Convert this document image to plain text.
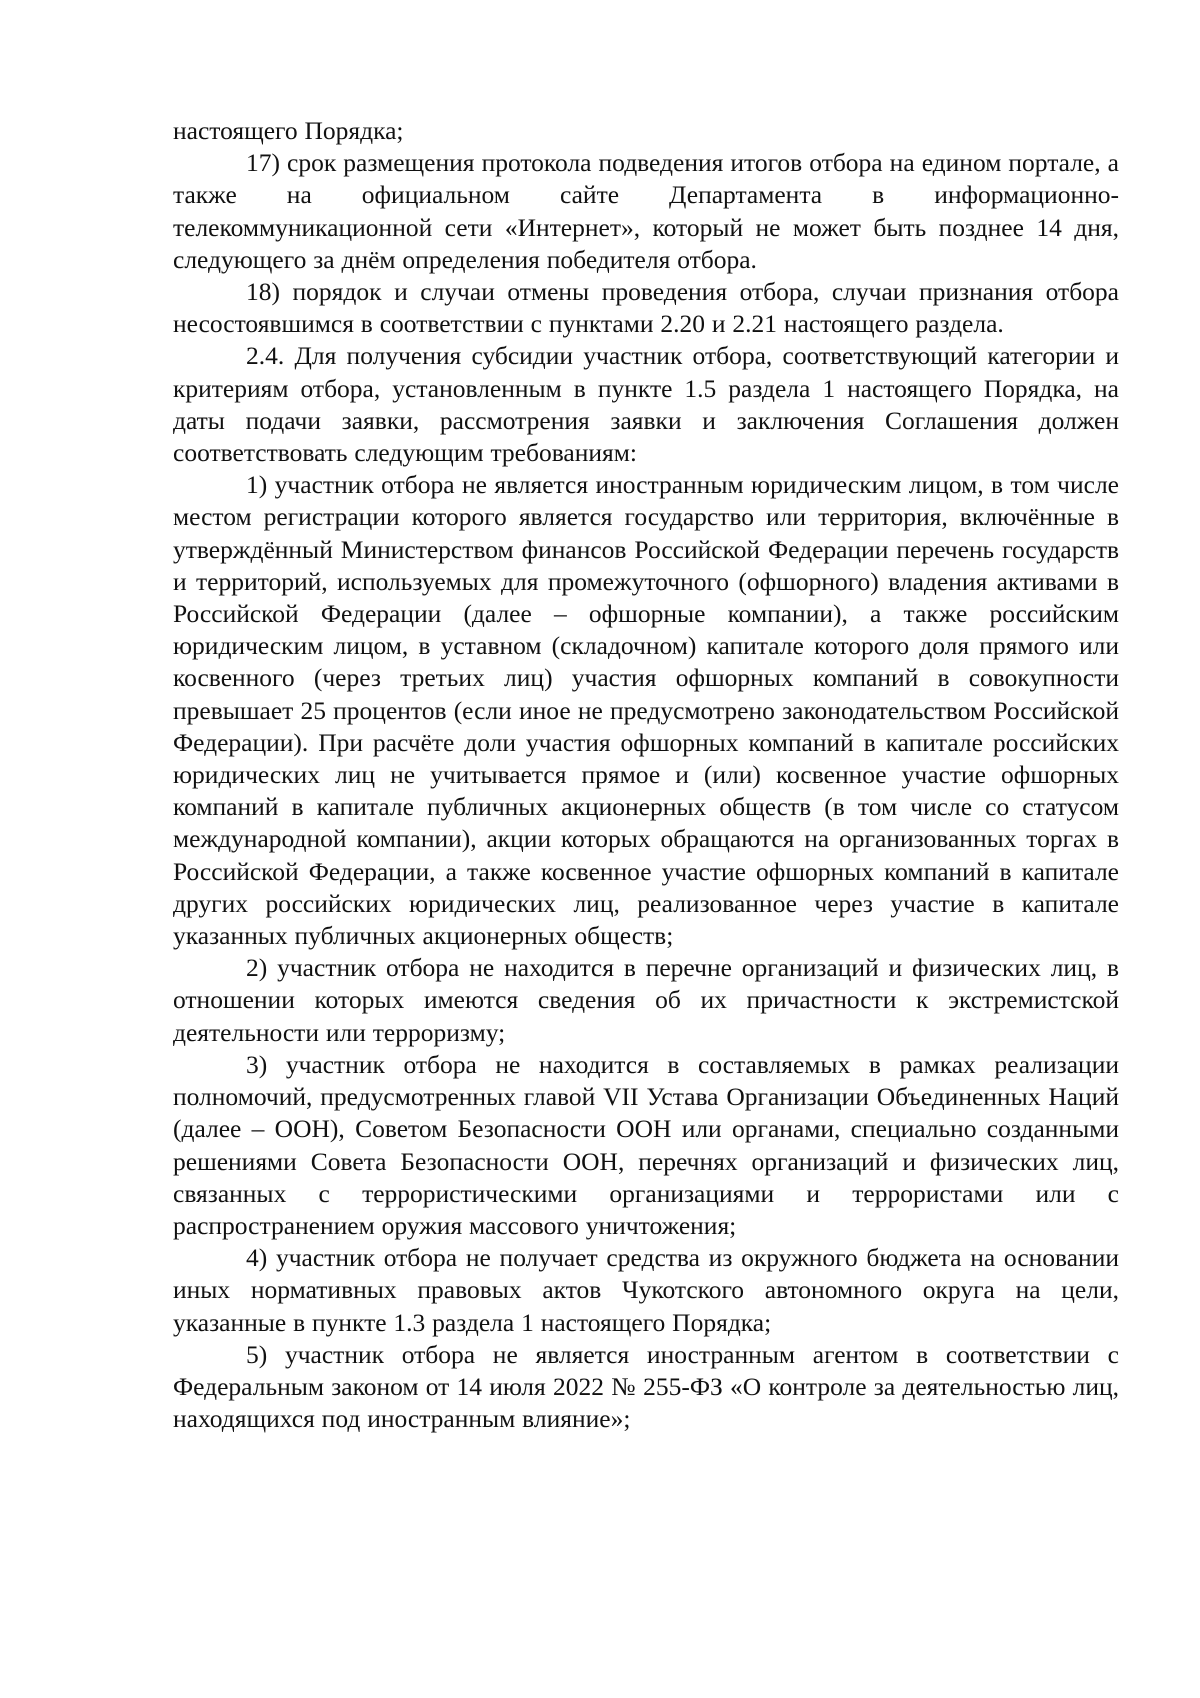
настоящего Порядка;

17) срок размещения протокола подведения итогов отбора на едином портале, а также на официальном сайте Департамента в информационно-телекоммуникационной сети «Интернет», который не может быть позднее 14 дня, следующего за днём определения победителя отбора.

18) порядок и случаи отмены проведения отбора, случаи признания отбора несостоявшимся в соответствии с пунктами 2.20 и 2.21 настоящего раздела.

2.4. Для получения субсидии участник отбора, соответствующий категории и критериям отбора, установленным в пункте 1.5 раздела 1 настоящего Порядка, на даты подачи заявки, рассмотрения заявки и заключения Соглашения должен соответствовать следующим требованиям:

1) участник отбора не является иностранным юридическим лицом, в том числе местом регистрации которого является государство или территория, включённые в утверждённый Министерством финансов Российской Федерации перечень государств и территорий, используемых для промежуточного (офшорного) владения активами в Российской Федерации (далее – офшорные компании), а также российским юридическим лицом, в уставном (складочном) капитале которого доля прямого или косвенного (через третьих лиц) участия офшорных компаний в совокупности превышает 25 процентов (если иное не предусмотрено законодательством Российской Федерации). При расчёте доли участия офшорных компаний в капитале российских юридических лиц не учитывается прямое и (или) косвенное участие офшорных компаний в капитале публичных акционерных обществ (в том числе со статусом международной компании), акции которых обращаются на организованных торгах в Российской Федерации, а также косвенное участие офшорных компаний в капитале других российских юридических лиц, реализованное через участие в капитале указанных публичных акционерных обществ;

2) участник отбора не находится в перечне организаций и физических лиц, в отношении которых имеются сведения об их причастности к экстремистской деятельности или терроризму;

3) участник отбора не находится в составляемых в рамках реализации полномочий, предусмотренных главой VII Устава Организации Объединенных Наций (далее – ООН), Советом Безопасности ООН или органами, специально созданными решениями Совета Безопасности ООН, перечнях организаций и физических лиц, связанных с террористическими организациями и террористами или с распространением оружия массового уничтожения;

4) участник отбора не получает средства из окружного бюджета на основании иных нормативных правовых актов Чукотского автономного округа на цели, указанные в пункте 1.3 раздела 1 настоящего Порядка;

5) участник отбора не является иностранным агентом в соответствии с Федеральным законом от 14 июля 2022 № 255-ФЗ «О контроле за деятельностью лиц, находящихся под иностранным влияние»;
